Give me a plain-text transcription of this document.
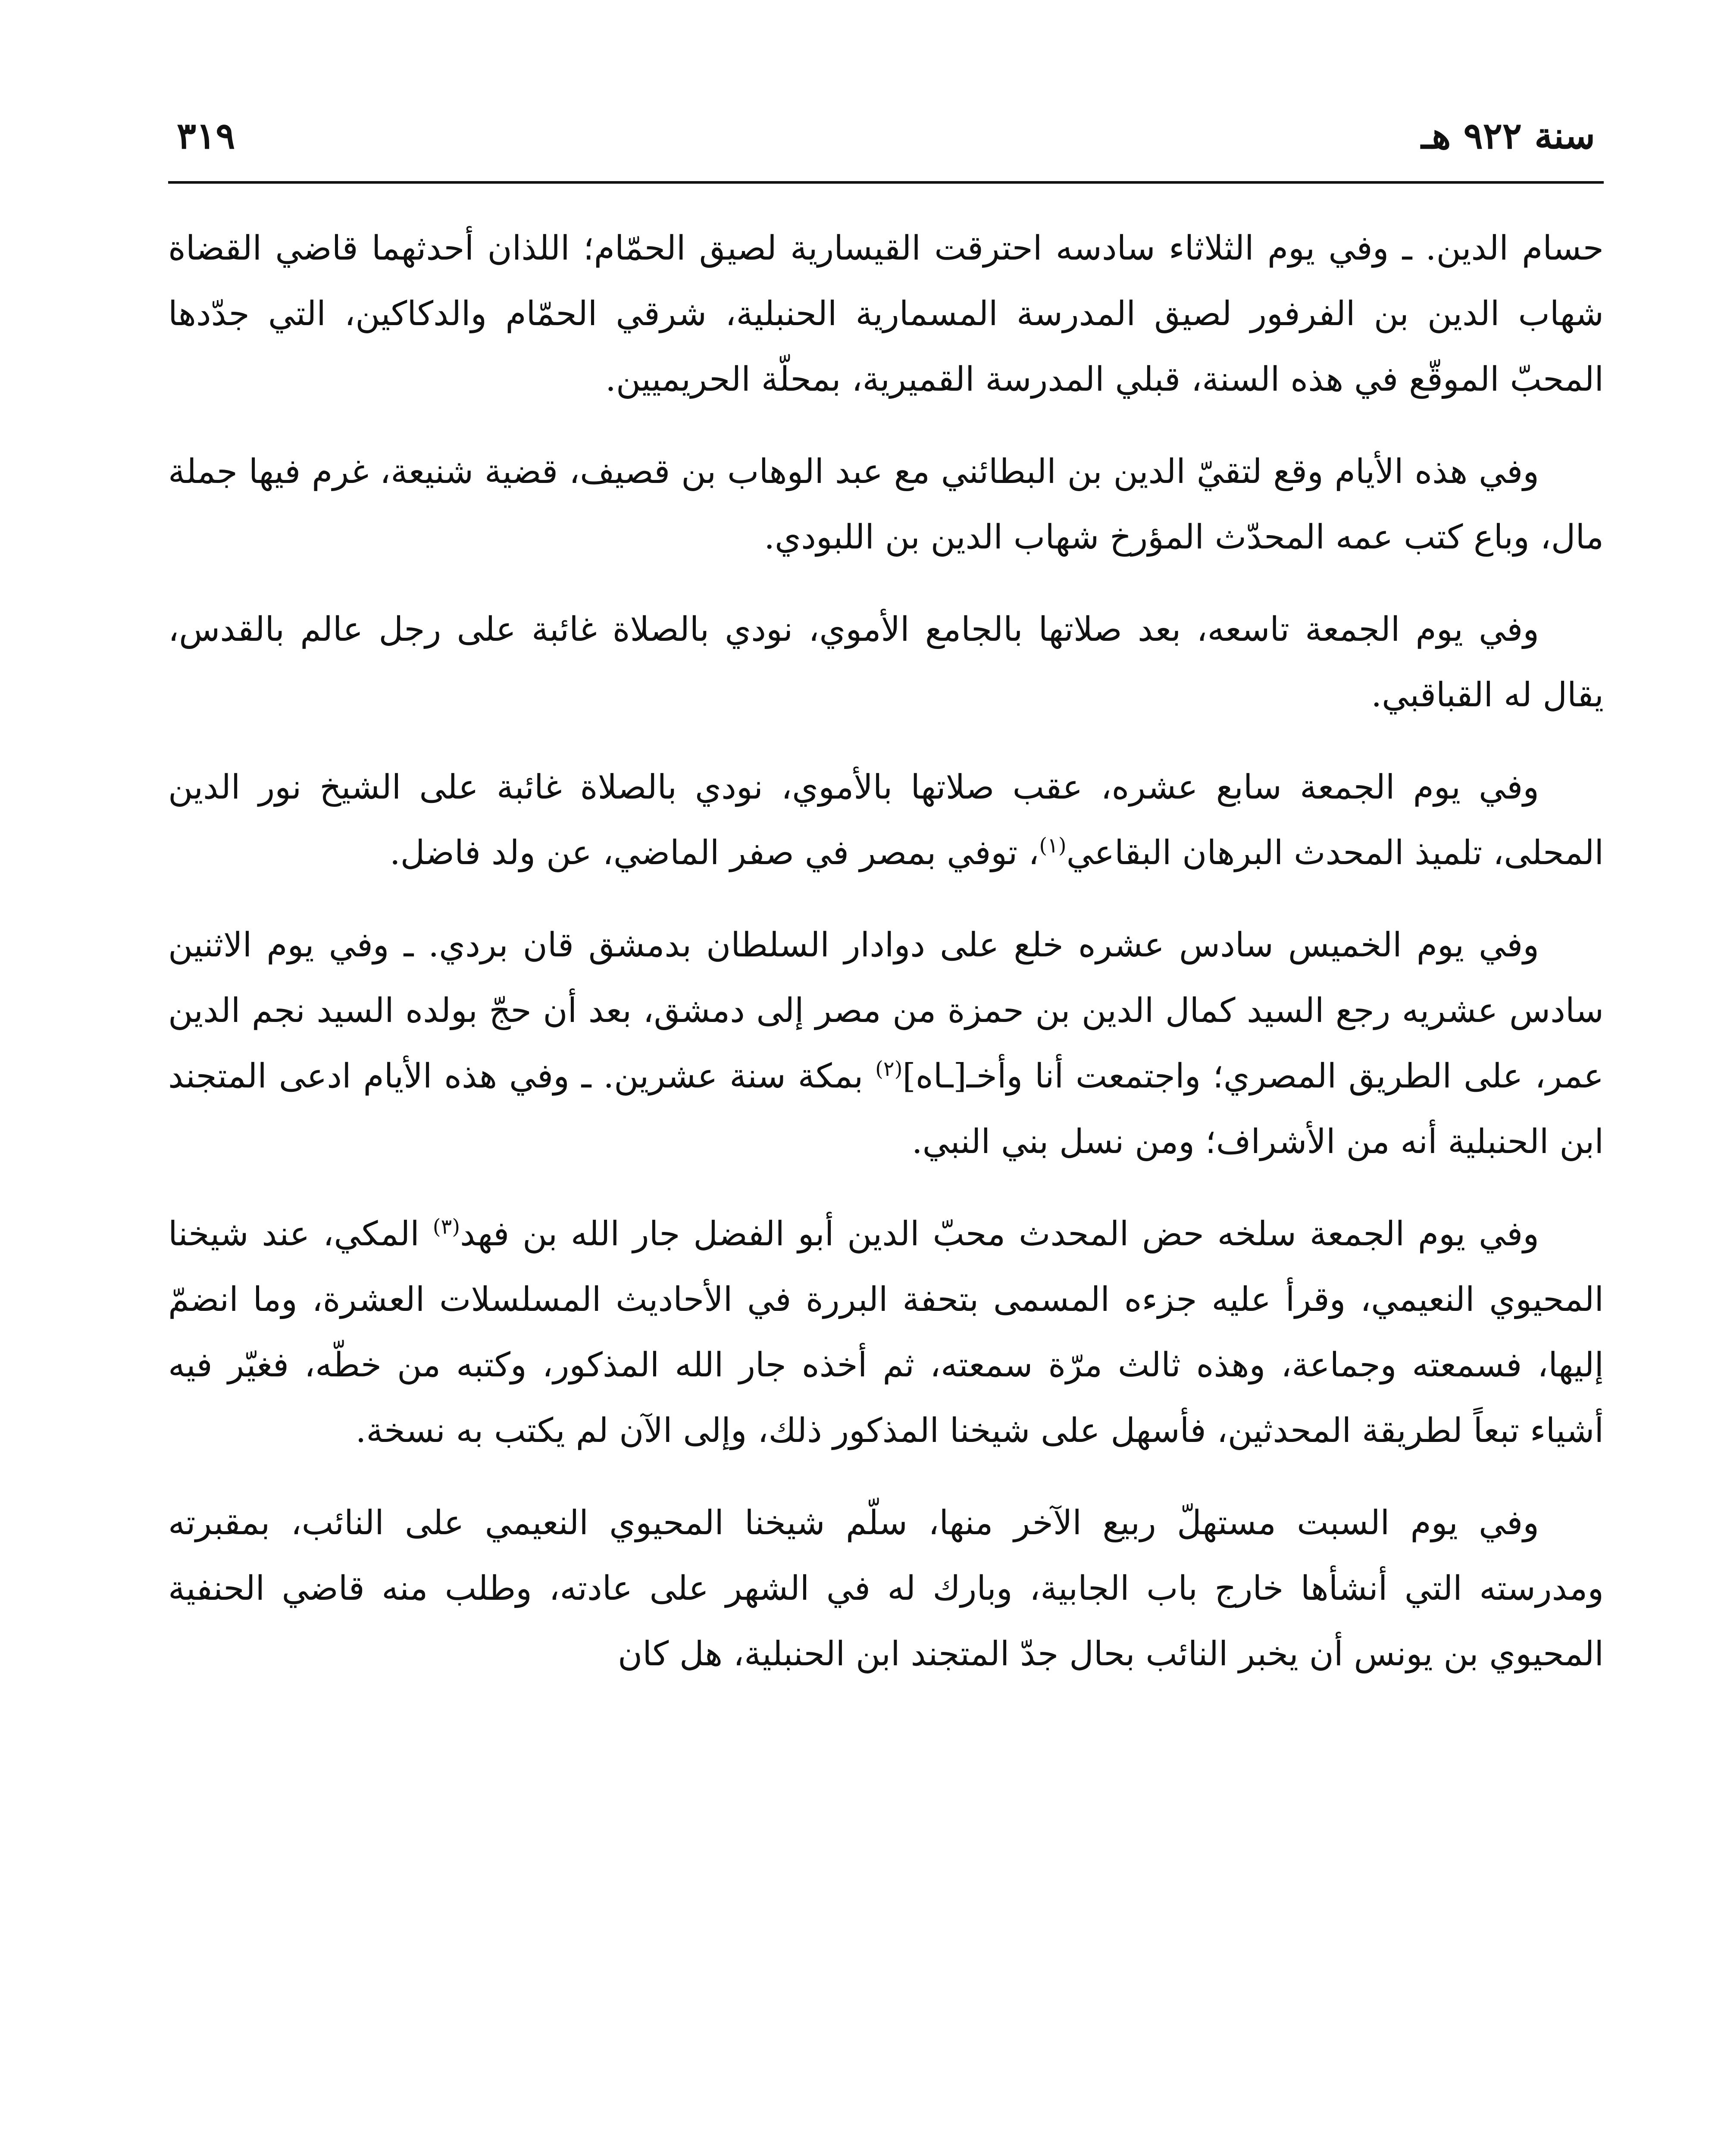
سنة ٩٢٢ هـ
٣١٩

حسام الدين. ـ وفي يوم الثلاثاء سادسه احترقت القيسارية لصيق الحمّام؛ اللذان أحدثهما قاضي القضاة شهاب الدين بن الفرفور لصيق المدرسة المسمارية الحنبلية، شرقي الحمّام والدكاكين، التي جدّدها المحبّ الموقّع في هذه السنة، قبلي المدرسة القميرية، بمحلّة الحريميين.

وفي هذه الأيام وقع لتقيّ الدين بن البطائني مع عبد الوهاب بن قصيف، قضية شنيعة، غرم فيها جملة مال، وباع كتب عمه المحدّث المؤرخ شهاب الدين بن اللبودي.

وفي يوم الجمعة تاسعه، بعد صلاتها بالجامع الأموي، نودي بالصلاة غائبة على رجل عالم بالقدس، يقال له القباقبي.

وفي يوم الجمعة سابع عشره، عقب صلاتها بالأموي، نودي بالصلاة غائبة على الشيخ نور الدين المحلى، تلميذ المحدث البرهان البقاعي$^{(١)}$، توفي بمصر في صفر الماضي، عن ولد فاضل.

وفي يوم الخميس سادس عشره خلع على دوادار السلطان بدمشق قان بردي. ـ وفي يوم الاثنين سادس عشريه رجع السيد كمال الدين بن حمزة من مصر إلى دمشق، بعد أن حجّ بولده السيد نجم الدين عمر، على الطريق المصري؛ واجتمعت أنا وأخـ[ـاه]$^{(٢)}$ بمكة سنة عشرين. ـ وفي هذه الأيام ادعى المتجند ابن الحنبلية أنه من الأشراف؛ ومن نسل بني النبي.

وفي يوم الجمعة سلخه حض المحدث محبّ الدين أبو الفضل جار الله بن فهد$^{(٣)}$ المكي، عند شيخنا المحيوي النعيمي، وقرأ عليه جزءه المسمى بتحفة البررة في الأحاديث المسلسلات العشرة، وما انضمّ إليها، فسمعته وجماعة، وهذه ثالث مرّة سمعته، ثم أخذه جار الله المذكور، وكتبه من خطّه، فغيّر فيه أشياء تبعاً لطريقة المحدثين، فأسهل على شيخنا المذكور ذلك، وإلى الآن لم يكتب به نسخة.

وفي يوم السبت مستهلّ ربيع الآخر منها، سلّم شيخنا المحيوي النعيمي على النائب، بمقبرته ومدرسته التي أنشأها خارج باب الجابية، وبارك له في الشهر على عادته، وطلب منه قاضي الحنفية المحيوي بن يونس أن يخبر النائب بحال جدّ المتجند ابن الحنبلية، هل كان
